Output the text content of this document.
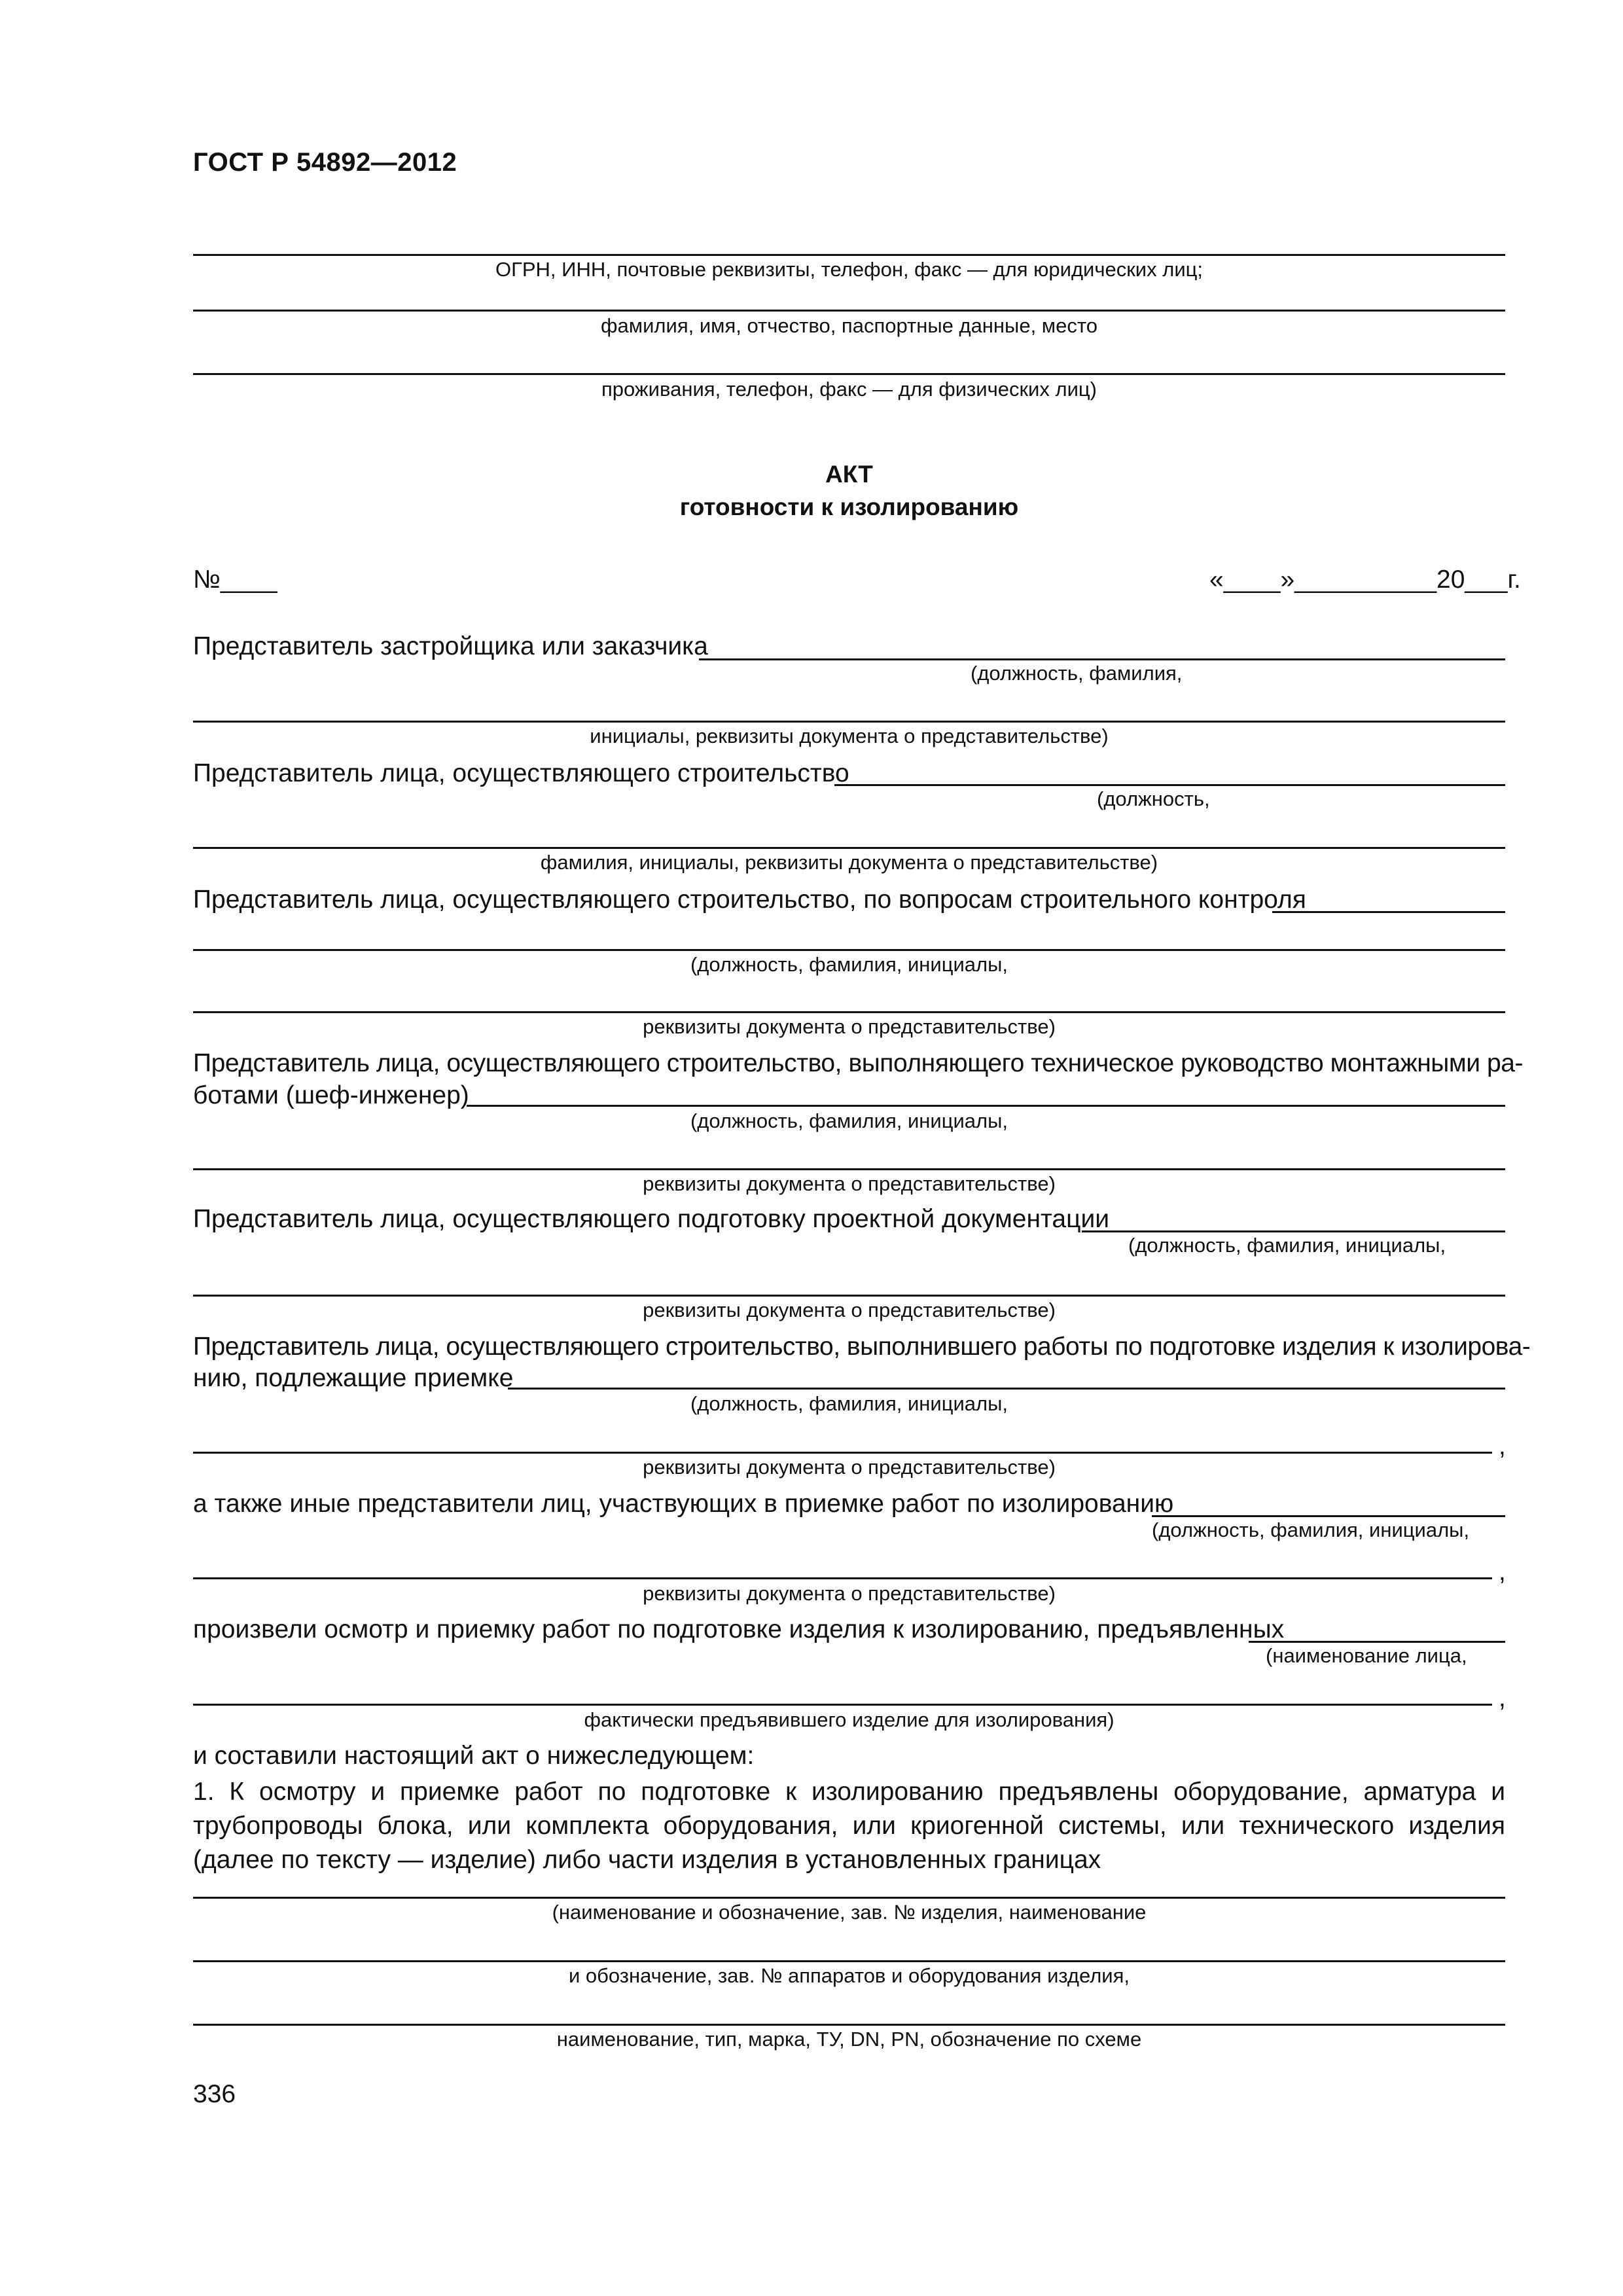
ГОСТ Р 54892—2012
ОГРН, ИНН, почтовые реквизиты, телефон, факс — для юридических лиц;
фамилия, имя, отчество, паспортные данные, место
проживания, телефон, факс — для физических лиц)
АКТ
готовности к изолированию
№____	«____»__________20___г.
Представитель застройщика или заказчика
(должность, фамилия,
инициалы, реквизиты документа о представительстве)
Представитель лица, осуществляющего строительство
(должность,
фамилия, инициалы, реквизиты документа о представительстве)
Представитель лица, осуществляющего строительство, по вопросам строительного контроля
(должность, фамилия, инициалы,
реквизиты документа о представительстве)
Представитель лица, осуществляющего строительство, выполняющего техническое руководство монтажными ра-
ботами (шеф-инженер)
(должность, фамилия, инициалы,
реквизиты документа о представительстве)
Представитель лица, осуществляющего подготовку проектной документации
(должность, фамилия, инициалы,
реквизиты документа о представительстве)
Представитель лица, осуществляющего строительство, выполнившего работы по подготовке изделия к изолирова-
нию, подлежащие приемке
(должность, фамилия, инициалы,
,
реквизиты документа о представительстве)
а также иные представители лиц, участвующих в приемке работ по изолированию
(должность, фамилия, инициалы,
,
реквизиты документа о представительстве)
произвели осмотр и приемку работ по подготовке изделия к изолированию, предъявленных
(наименование лица,
,
фактически предъявившего изделие для изолирования)
и составили настоящий акт о нижеследующем:
1. К осмотру и приемке работ по подготовке к изолированию предъявлены оборудование, арматура и трубопроводы блока, или комплекта оборудования, или криогенной системы, или технического изделия (далее по тексту — изделие) либо части изделия в установленных границах
(наименование и обозначение, зав. № изделия, наименование
и обозначение, зав. № аппаратов и оборудования изделия,
наименование, тип, марка, ТУ, DN, PN, обозначение по схеме
336
